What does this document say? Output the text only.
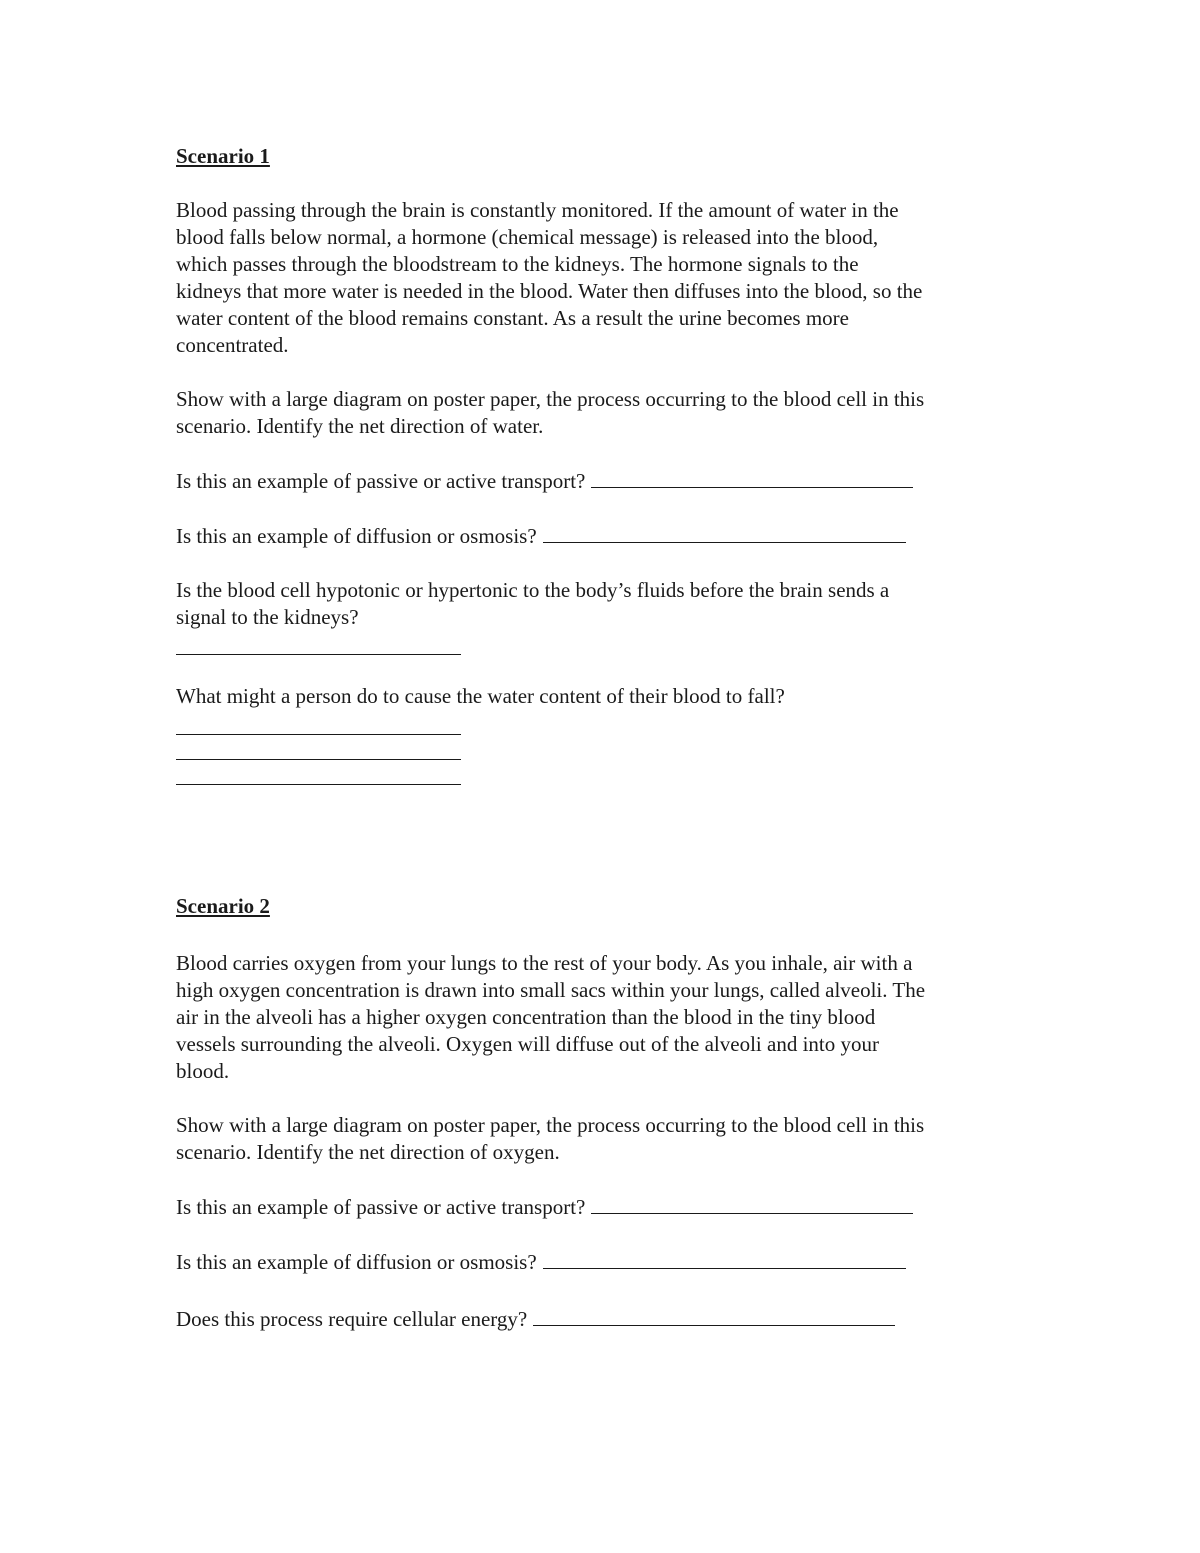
Scenario 1

Blood passing through the brain is constantly monitored. If the amount of water in the

blood falls below normal, a hormone (chemical message) is released into the blood,

which passes through the bloodstream to the kidneys. The hormone signals to the

kidneys that more water is needed in the blood. Water then diffuses into the blood, so the

water content of the blood remains constant. As a result the urine becomes more

concentrated.

Show with a large diagram on poster paper, the process occurring to the blood cell in this

scenario. Identify the net direction of water.

Is this an example of passive or active transport?
Is this an example of diffusion or osmosis?

Is the blood cell hypotonic or hypertonic to the body’s fluids before the brain sends a

signal to the kidneys?

What might a person do to cause the water content of their blood to fall?

Scenario 2

Blood carries oxygen from your lungs to the rest of your body. As you inhale, air with a

high oxygen concentration is drawn into small sacs within your lungs, called alveoli. The

air in the alveoli has a higher oxygen concentration than the blood in the tiny blood

vessels surrounding the alveoli. Oxygen will diffuse out of the alveoli and into your

blood.

Show with a large diagram on poster paper, the process occurring to the blood cell in this

scenario. Identify the net direction of oxygen.

Is this an example of passive or active transport?
Is this an example of diffusion or osmosis?
Does this process require cellular energy?
